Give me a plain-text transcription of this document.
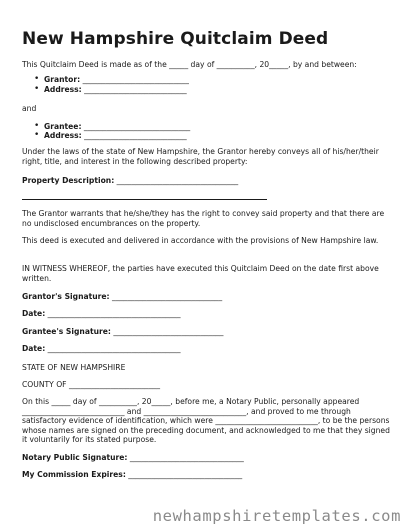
New Hampshire Quitclaim Deed
This Quitclaim Deed is made as of the _____ day of __________, 20_____, by and between:
• Grantor: ____________________________
• Address: ___________________________
and
• Grantee: ____________________________
• Address: ___________________________
Under the laws of the state of New Hampshire, the Grantor hereby conveys all of his/her/their right, title, and interest in the following described property:
Property Description: ________________________________
The Grantor warrants that he/she/they has the right to convey said property and that there are no undisclosed encumbrances on the property.
This deed is executed and delivered in accordance with the provisions of New Hampshire law.
IN WITNESS WHEREOF, the parties have executed this Quitclaim Deed on the date first above written.
Grantor's Signature: _____________________________
Date: ___________________________________
Grantee's Signature: _____________________________
Date: ___________________________________
STATE OF NEW HAMPSHIRE
COUNTY OF ________________________
On this _____ day of __________, 20_____, before me, a Notary Public, personally appeared ___________________________ and ___________________________, and proved to me through satisfactory evidence of identification, which were ___________________________, to be the persons whose names are signed on the preceding document, and acknowledged to me that they signed it voluntarily for its stated purpose.
Notary Public Signature: ______________________________
My Commission Expires: ______________________________
newhampshiretemplates.com
